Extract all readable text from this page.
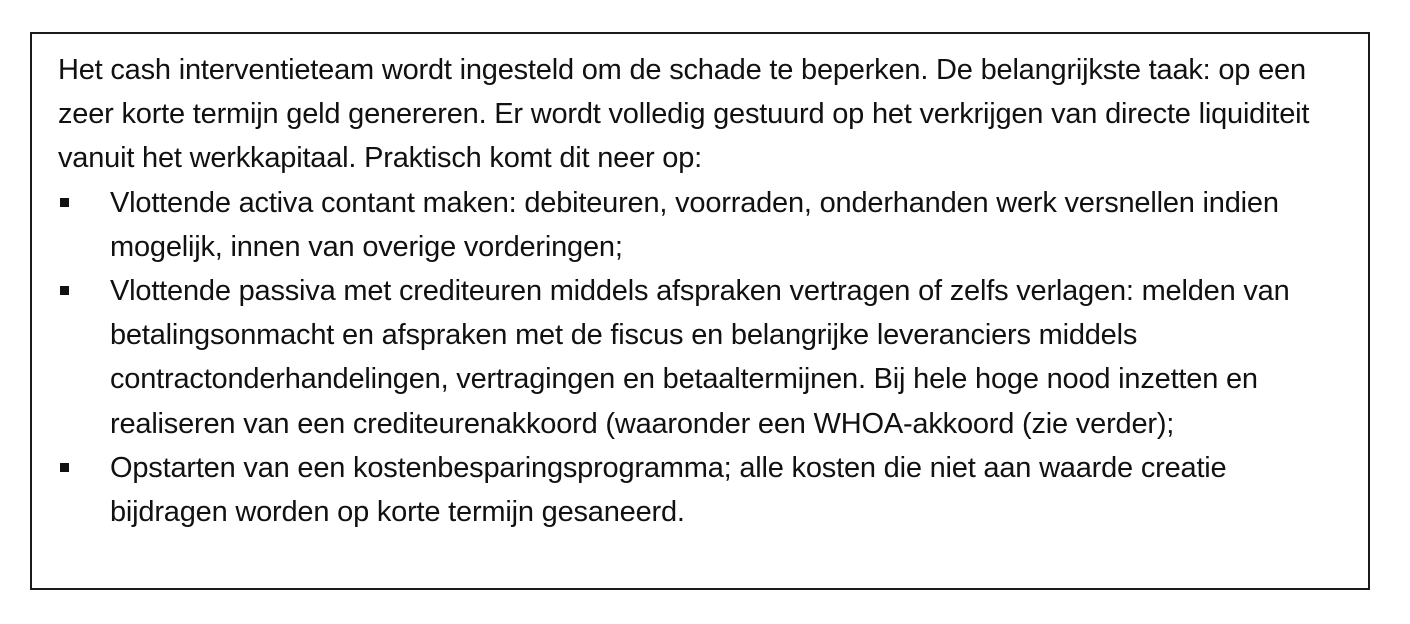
Het cash interventieteam wordt ingesteld om de schade te beperken. De belangrijkste taak: op een zeer korte termijn geld genereren. Er wordt volledig gestuurd op het verkrijgen van directe liquiditeit vanuit het werkkapitaal. Praktisch komt dit neer op:

Vlottende activa contant maken: debiteuren, voorraden, onderhanden werk versnellen indien mogelijk, innen van overige vorderingen;
Vlottende passiva met crediteuren middels afspraken vertragen of zelfs verlagen: melden van betalingsonmacht en afspraken met de fiscus en belangrijke leveranciers middels contractonderhandelingen, vertragingen en betaaltermijnen. Bij hele hoge nood inzetten en realiseren van een crediteurenakkoord (waaronder een WHOA-akkoord (zie verder);
Opstarten van een kostenbesparingsprogramma; alle kosten die niet aan waarde creatie bijdragen worden op korte termijn gesaneerd.
